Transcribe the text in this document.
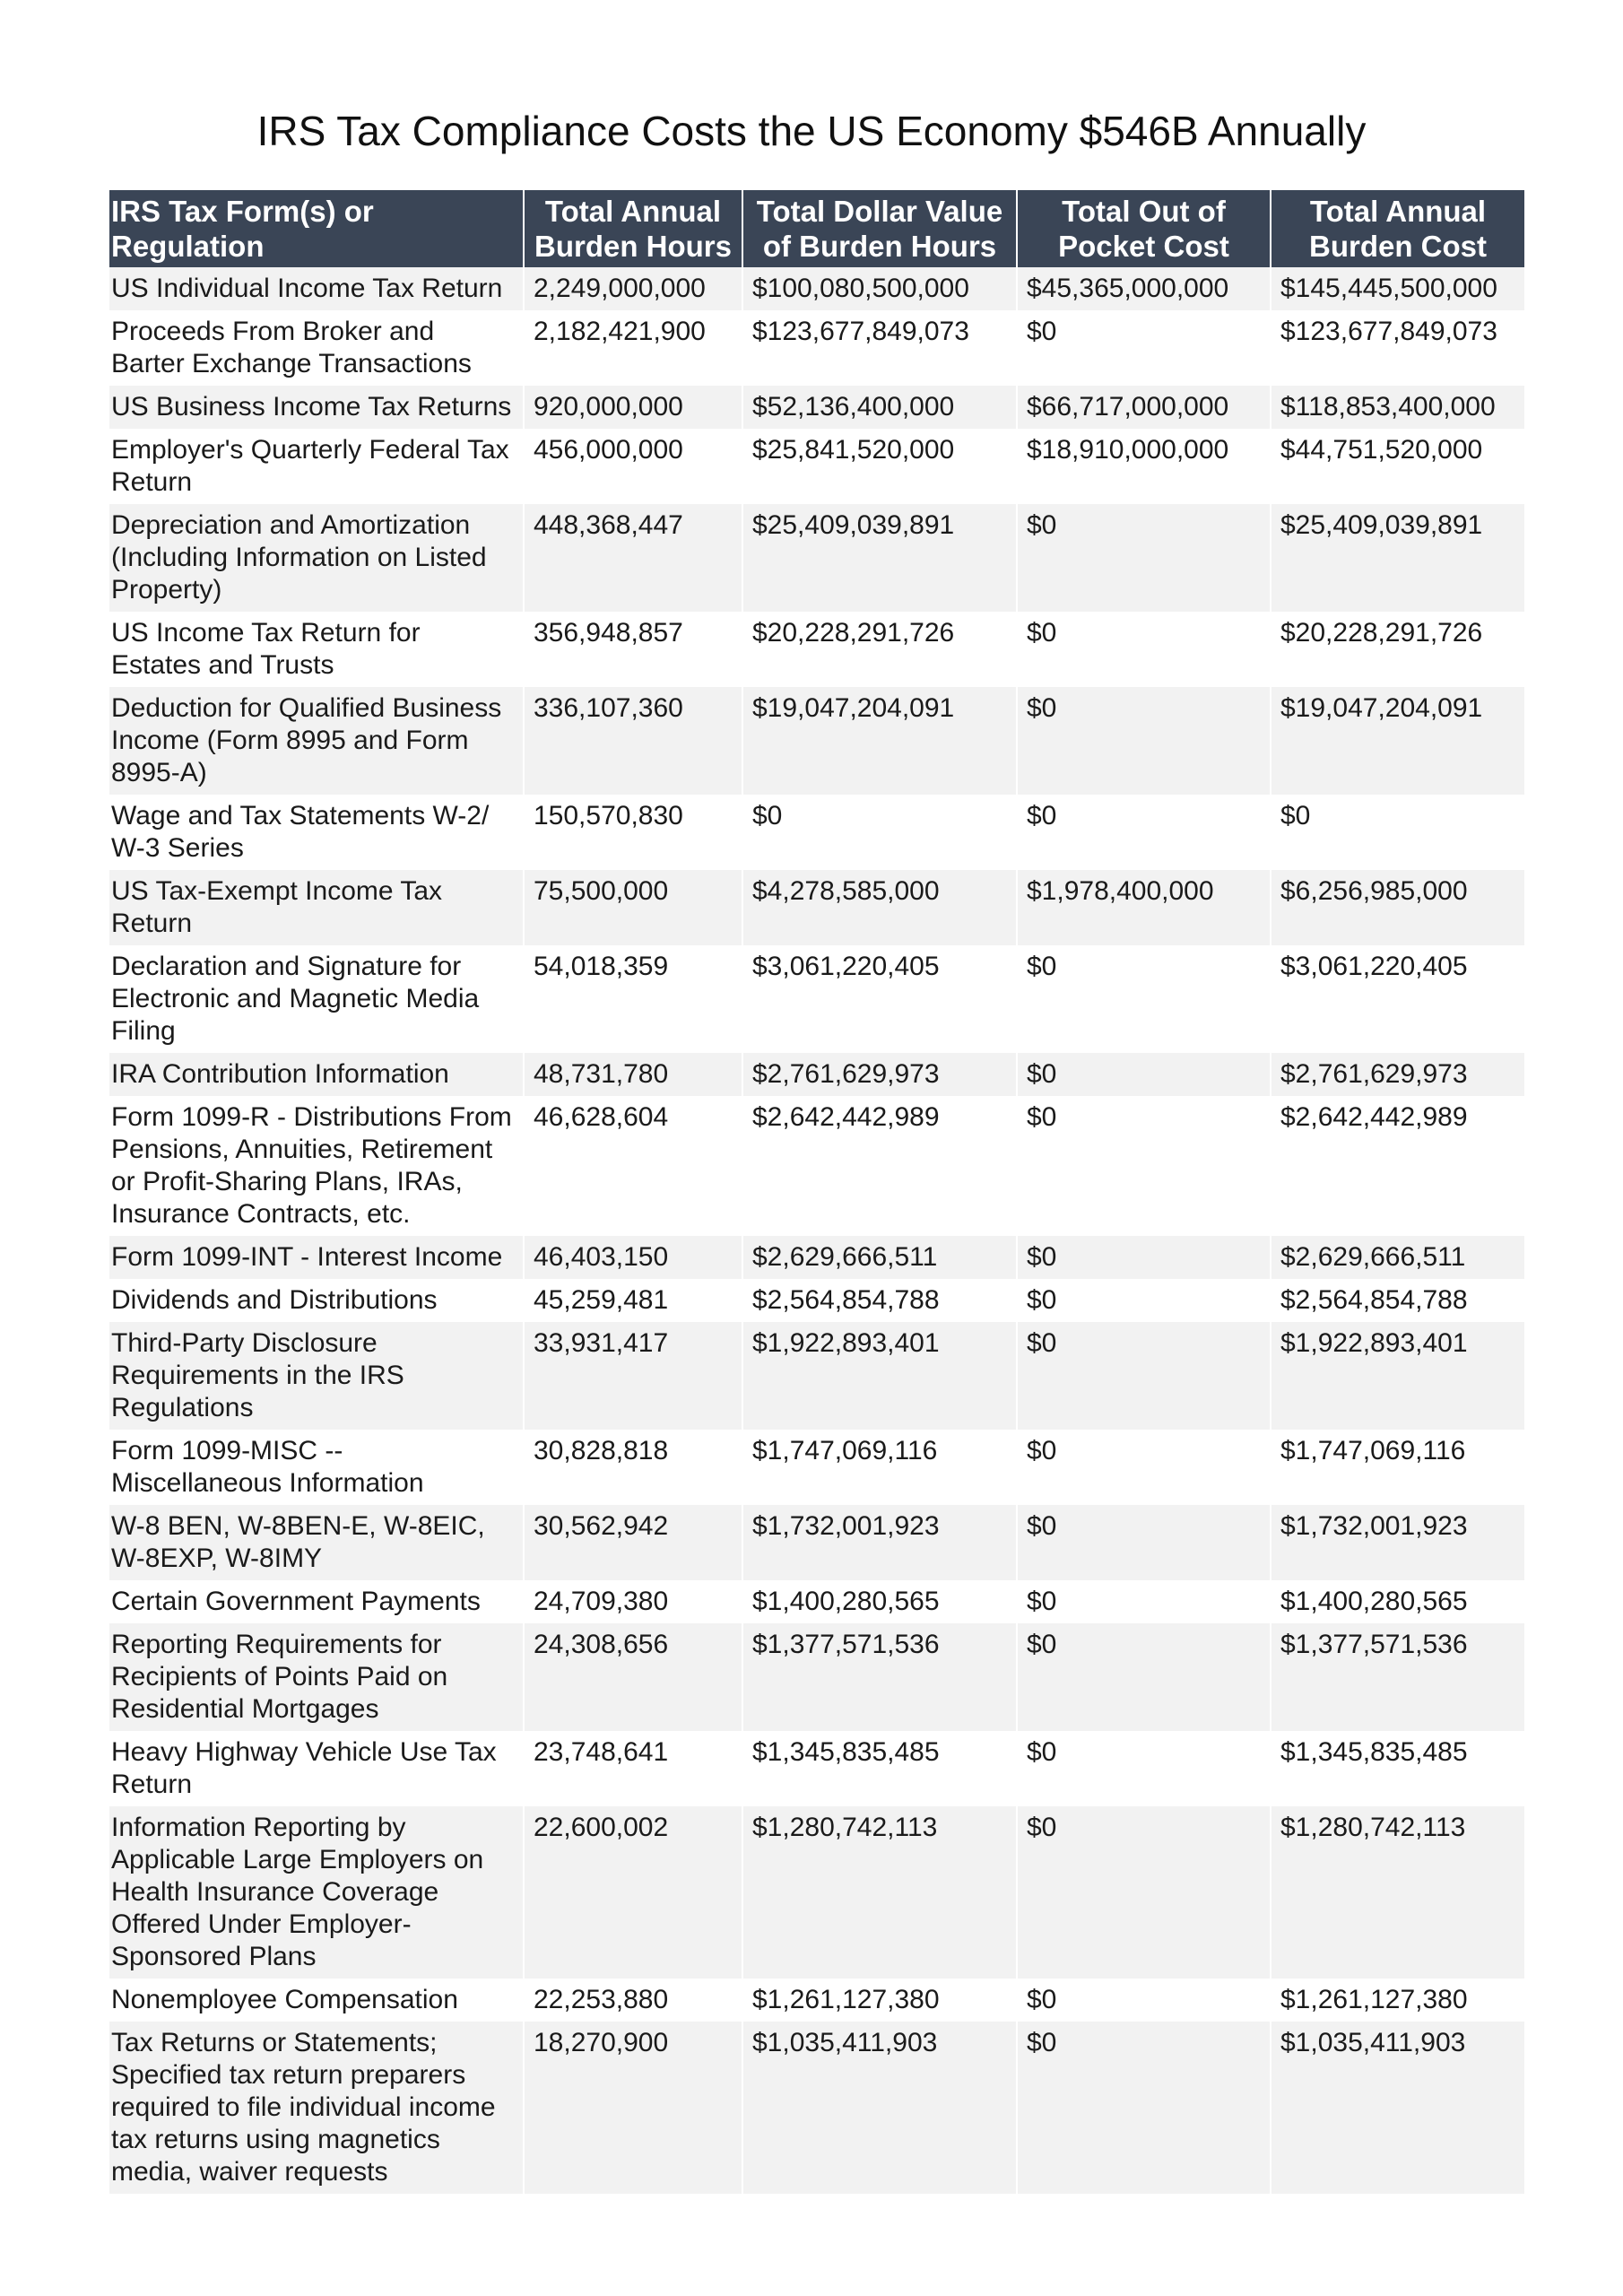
IRS Tax Compliance Costs the US Economy $546B Annually
IRS Tax Form(s) or Regulation	Total Annual Burden Hours	Total Dollar Value of Burden Hours	Total Out of Pocket Cost	Total Annual Burden Cost
US Individual Income Tax Return	2,249,000,000	$100,080,500,000	$45,365,000,000	$145,445,500,000
Proceeds From Broker and Barter Exchange Transactions	2,182,421,900	$123,677,849,073	$0	$123,677,849,073
US Business Income Tax Returns	920,000,000	$52,136,400,000	$66,717,000,000	$118,853,400,000
Employer's Quarterly Federal Tax Return	456,000,000	$25,841,520,000	$18,910,000,000	$44,751,520,000
Depreciation and Amortization (Including Information on Listed Property)	448,368,447	$25,409,039,891	$0	$25,409,039,891
US Income Tax Return for Estates and Trusts	356,948,857	$20,228,291,726	$0	$20,228,291,726
Deduction for Qualified Business Income (Form 8995 and Form 8995-A)	336,107,360	$19,047,204,091	$0	$19,047,204,091
Wage and Tax Statements W-2/ W-3 Series	150,570,830	$0	$0	$0
US Tax-Exempt Income Tax Return	75,500,000	$4,278,585,000	$1,978,400,000	$6,256,985,000
Declaration and Signature for Electronic and Magnetic Media Filing	54,018,359	$3,061,220,405	$0	$3,061,220,405
IRA Contribution Information	48,731,780	$2,761,629,973	$0	$2,761,629,973
Form 1099-R - Distributions From Pensions, Annuities, Retirement or Profit-Sharing Plans, IRAs, Insurance Contracts, etc.	46,628,604	$2,642,442,989	$0	$2,642,442,989
Form 1099-INT - Interest Income	46,403,150	$2,629,666,511	$0	$2,629,666,511
Dividends and Distributions	45,259,481	$2,564,854,788	$0	$2,564,854,788
Third-Party Disclosure Requirements in the IRS Regulations	33,931,417	$1,922,893,401	$0	$1,922,893,401
Form 1099-MISC -- Miscellaneous Information	30,828,818	$1,747,069,116	$0	$1,747,069,116
W-8 BEN, W-8BEN-E, W-8EIC, W-8EXP, W-8IMY	30,562,942	$1,732,001,923	$0	$1,732,001,923
Certain Government Payments	24,709,380	$1,400,280,565	$0	$1,400,280,565
Reporting Requirements for Recipients of Points Paid on Residential Mortgages	24,308,656	$1,377,571,536	$0	$1,377,571,536
Heavy Highway Vehicle Use Tax Return	23,748,641	$1,345,835,485	$0	$1,345,835,485
Information Reporting by Applicable Large Employers on Health Insurance Coverage Offered Under Employer-Sponsored Plans	22,600,002	$1,280,742,113	$0	$1,280,742,113
Nonemployee Compensation	22,253,880	$1,261,127,380	$0	$1,261,127,380
Tax Returns or Statements; Specified tax return preparers required to file individual income tax returns using magnetics media, waiver requests	18,270,900	$1,035,411,903	$0	$1,035,411,903
